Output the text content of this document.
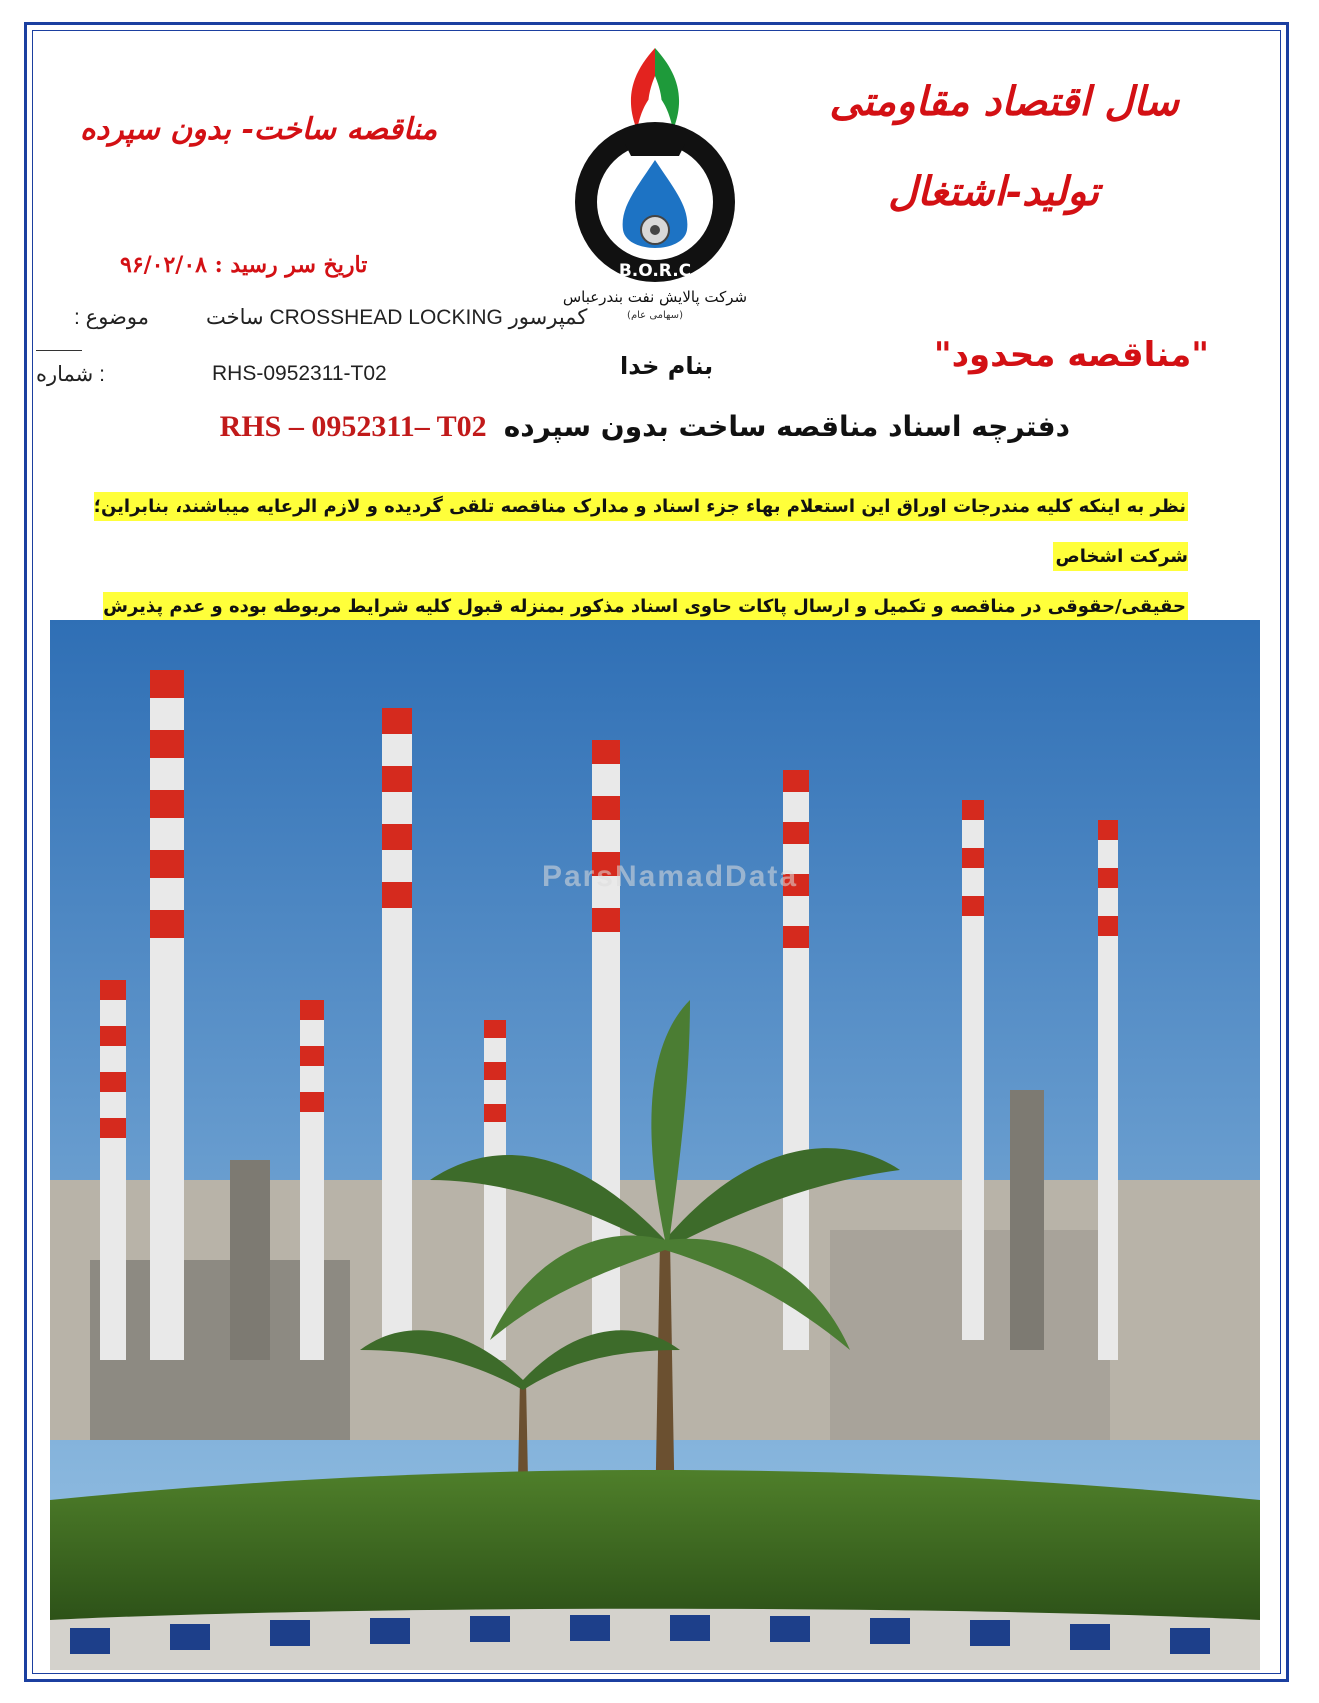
سال اقتصاد مقاومتی
تولید-اشتغال
مناقصه ساخت- بدون سپرده
تاریخ سر رسید : ۹۶/۰۲/۰۸	B.O.R.C
شرکت پالایش نفت بندرعباس
(سهامی عام)
کمپرسور CROSSHEAD LOCKING ساخت
موضوع :
RHS-0952311-T02
: شماره	بنام خدا	"مناقصه محدود"
دفترچه اسناد مناقصه ساخت بدون سپرده RHS – 0952311– T02
نظر به اینکه کلیه مندرجات اوراق این استعلام بهاء جزء اسناد و مدارک مناقصه تلقی گردیده و لازم الرعایه میباشند، بنابراین؛ شرکت اشخاص
حقیقی/حقوقی در مناقصه و تکمیل و ارسال پاکات حاوی اسناد مذکور بمنزله قبول کلیه شرایط مربوطه بوده و عدم پذیرش

ParsNamadData
